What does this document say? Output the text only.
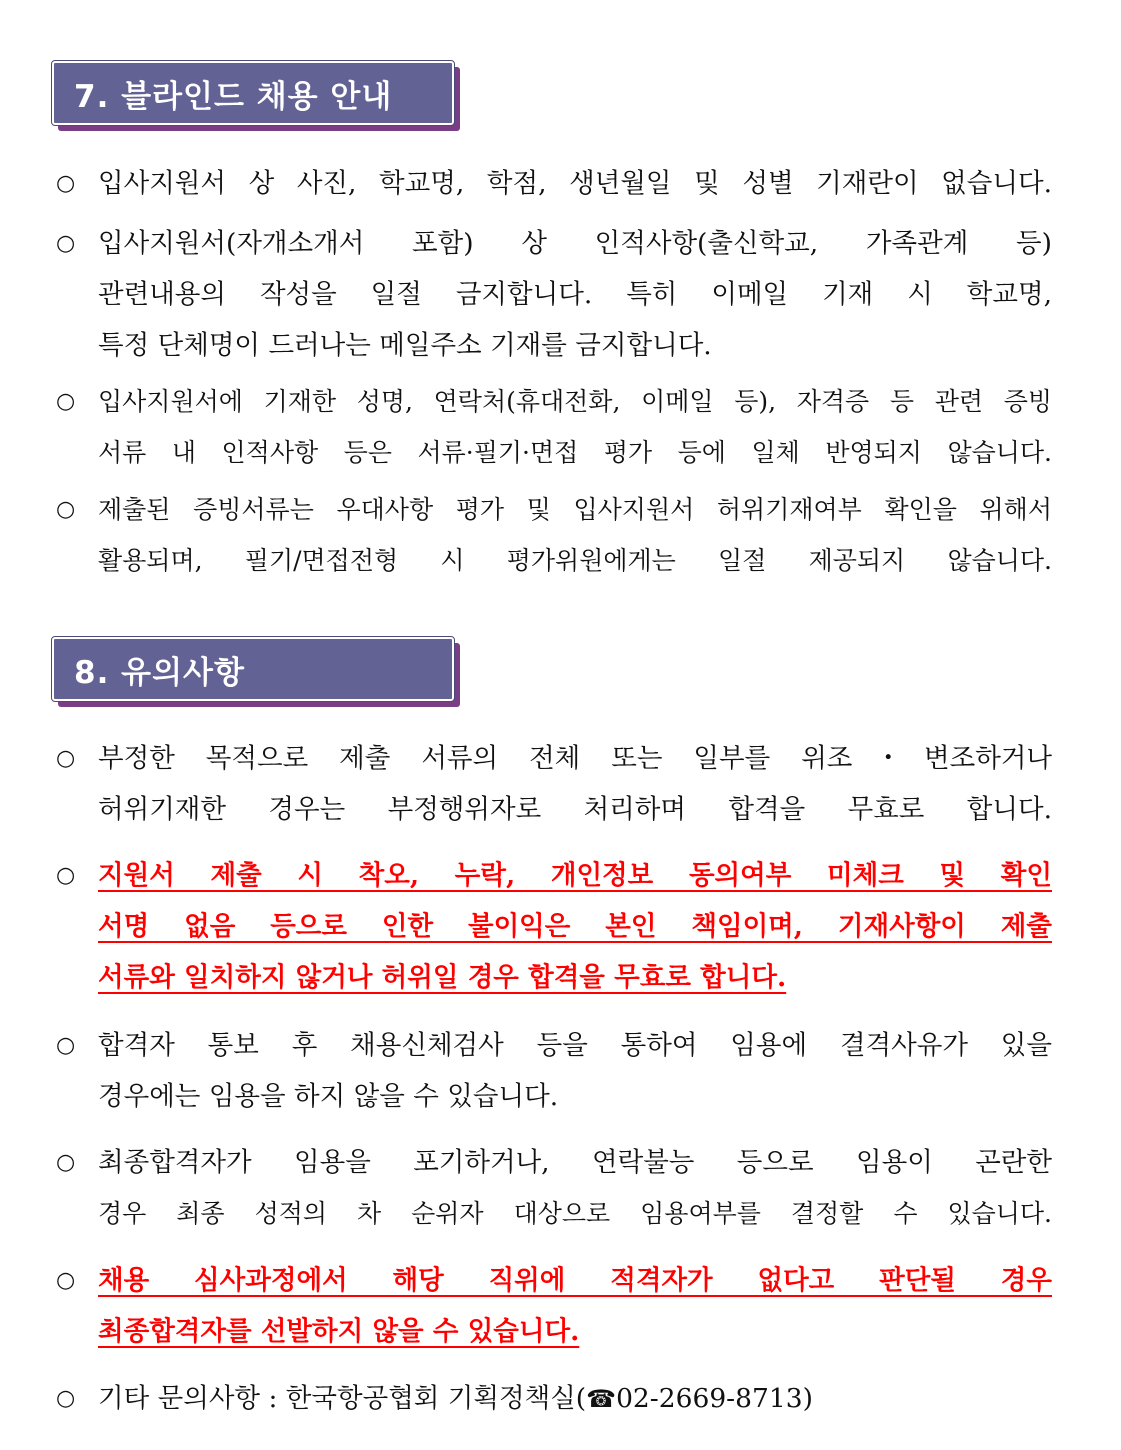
7. 블라인드 채용 안내
○ 입사지원서 상 사진, 학교명, 학점, 생년월일 및 성별 기재란이 없습니다.
○ 입사지원서(자개소개서 포함) 상 인적사항(출신학교, 가족관계 등)
관련내용의 작성을 일절 금지합니다. 특히 이메일 기재 시 학교명,
특정 단체명이 드러나는 메일주소 기재를 금지합니다.
○ 입사지원서에 기재한 성명, 연락처(휴대전화, 이메일 등), 자격증 등 관련 증빙
서류 내 인적사항 등은 서류·필기·면접 평가 등에 일체 반영되지 않습니다.
○ 제출된 증빙서류는 우대사항 평가 및 입사지원서 허위기재여부 확인을 위해서
활용되며, 필기/면접전형 시 평가위원에게는 일절 제공되지 않습니다.
8. 유의사항
○ 부정한 목적으로 제출 서류의 전체 또는 일부를 위조・변조하거나
허위기재한 경우는 부정행위자로 처리하며 합격을 무효로 합니다.
○ 지원서 제출 시 착오, 누락, 개인정보 동의여부 미체크 및 확인
서명 없음 등으로 인한 불이익은 본인 책임이며, 기재사항이 제출
서류와 일치하지 않거나 허위일 경우 합격을 무효로 합니다.
○ 합격자 통보 후 채용신체검사 등을 통하여 임용에 결격사유가 있을
경우에는 임용을 하지 않을 수 있습니다.
○ 최종합격자가 임용을 포기하거나, 연락불능 등으로 임용이 곤란한
경우 최종 성적의 차 순위자 대상으로 임용여부를 결정할 수 있습니다.
○ 채용 심사과정에서 해당 직위에 적격자가 없다고 판단될 경우
최종합격자를 선발하지 않을 수 있습니다.
○ 기타 문의사항 : 한국항공협회 기획정책실(☎02-2669-8713)
